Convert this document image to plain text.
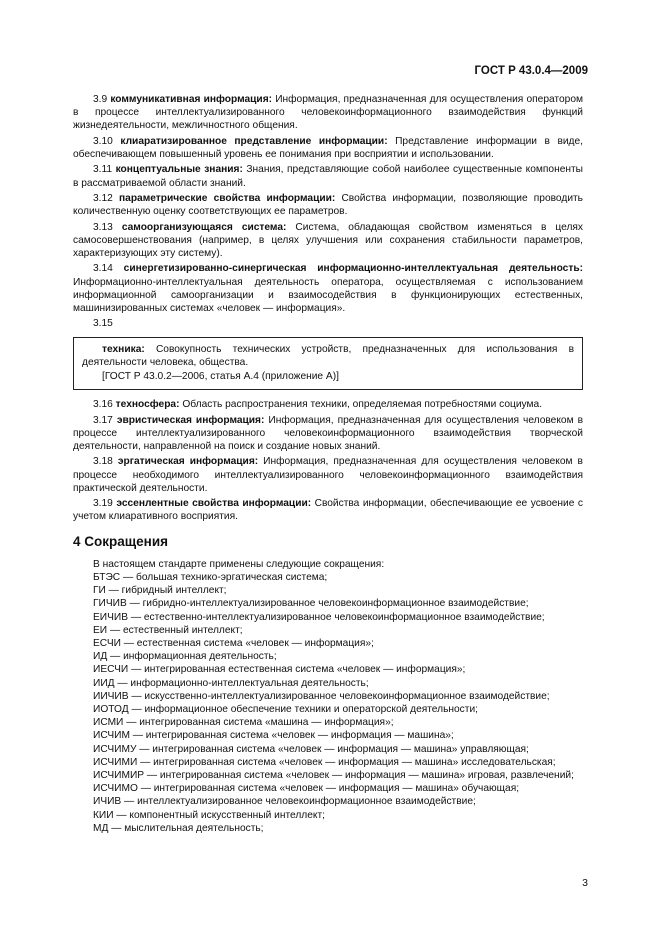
ГОСТ Р 43.0.4—2009

3.9 коммуникативная информация: Информация, предназначенная для осуществления оператором в процессе интеллектуализированного человекоинформационного взаимодействия функций жизнедеятельности, межличностного общения.

3.10 клиаратизированное представление информации: Представление информации в виде, обеспечивающем повышенный уровень ее понимания при восприятии и использовании.

3.11 концептуальные знания: Знания, представляющие собой наиболее существенные компоненты в рассматриваемой области знаний.

3.12 параметрические свойства информации: Свойства информации, позволяющие проводить количественную оценку соответствующих ее параметров.

3.13 самоорганизующаяся система: Система, обладающая свойством изменяться в целях самосовершенствования (например, в целях улучшения или сохранения стабильности параметров, характеризующих эту систему).

3.14 синергетизированно-синергическая информационно-интеллектуальная деятельность: Информационно-интеллектуальная деятельность оператора, осуществляемая с использованием информационной самоорганизации и взаимосодействия в функционирующих естественных, машинизированных системах «человек — информация».

3.15

техника: Совокупность технических устройств, предназначенных для использования в деятельности человека, общества.

[ГОСТ Р 43.0.2—2006, статья А.4 (приложение А)]

3.16 техносфера: Область распространения техники, определяемая потребностями социума.

3.17 эвристическая информация: Информация, предназначенная для осуществления человеком в процессе интеллектуализированного человекоинформационного взаимодействия творческой деятельности, направленной на поиск и создание новых знаний.

3.18 эргатическая информация: Информация, предназначенная для осуществления человеком в процессе необходимого интеллектуализированного человекоинформационного взаимодействия практической деятельности.

3.19 эссенлентные свойства информации: Свойства информации, обеспечивающие ее усвоение с учетом клиаративного восприятия.

4 Сокращения

В настоящем стандарте применены следующие сокращения:

БТЭС — большая технико-эргатическая система;
ГИ — гибридный интеллект;
ГИЧИВ — гибридно-интеллектуализированное человекоинформационное взаимодействие;
ЕИЧИВ — естественно-интеллектуализированное человекоинформационное взаимодействие;
ЕИ — естественный интеллект;
ЕСЧИ — естественная система «человек — информация»;
ИД — информационная деятельность;
ИЕСЧИ — интегрированная естественная система «человек — информация»;
ИИД — информационно-интеллектуальная деятельность;
ИИЧИВ — искусственно-интеллектуализированное человекоинформационное взаимодействие;
ИОТОД — информационное обеспечение техники и операторской деятельности;
ИСМИ — интегрированная система «машина — информация»;
ИСЧИМ — интегрированная система «человек — информация — машина»;
ИСЧИМУ — интегрированная система «человек — информация — машина» управляющая;
ИСЧИМИ — интегрированная система «человек — информация — машина» исследовательская;
ИСЧИМИР — интегрированная система «человек — информация — машина» игровая, развлечений;
ИСЧИМО — интегрированная система «человек — информация — машина» обучающая;
ИЧИВ — интеллектуализированное человекоинформационное взаимодействие;
КИИ — компонентный искусственный интеллект;
МД — мыслительная деятельность;
3
